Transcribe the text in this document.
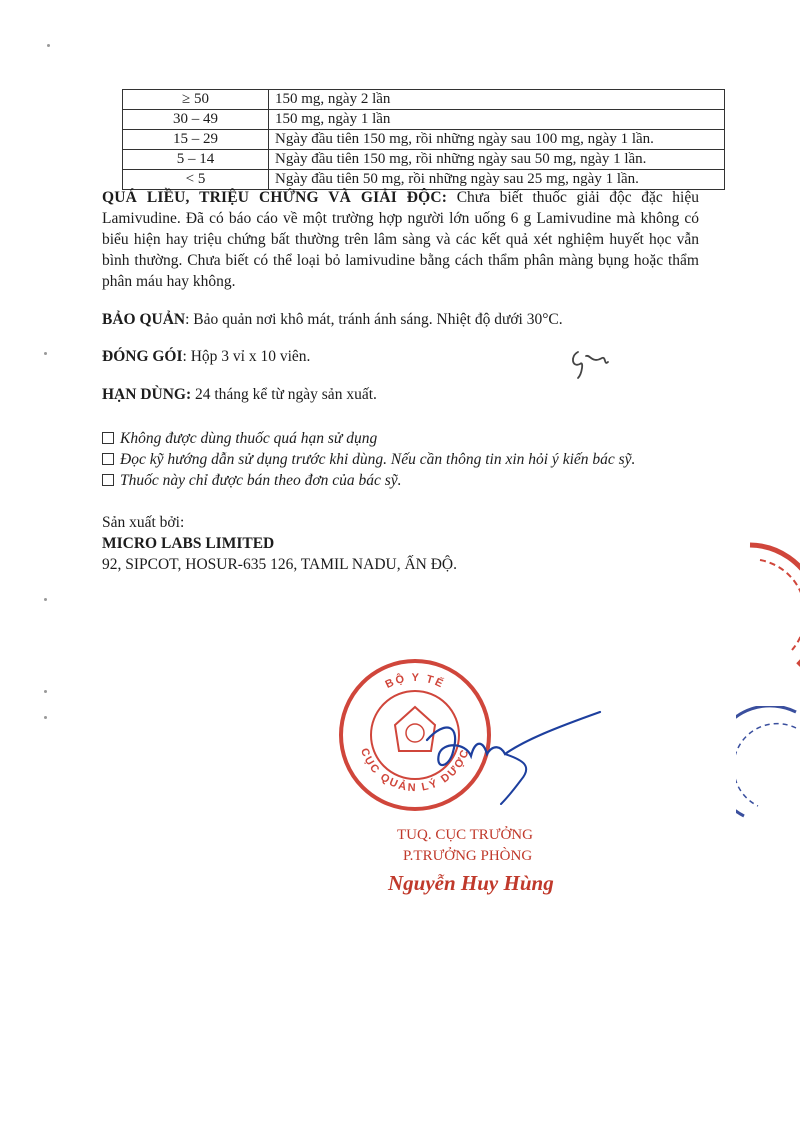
≥ 50	150 mg, ngày 2 lần
30 – 49	150 mg, ngày 1 lần
15 – 29	Ngày đầu tiên 150 mg, rồi những ngày sau 100 mg, ngày 1 lần.
5 – 14	Ngày đầu tiên 150 mg, rồi những ngày sau 50 mg, ngày 1 lần.
< 5	Ngày đầu tiên 50 mg, rồi những ngày sau 25 mg, ngày 1 lần.
QUÁ LIỀU, TRIỆU CHỨNG VÀ GIẢI ĐỘC: Chưa biết thuốc giải độc đặc hiệu Lamivudine. Đã có báo cáo về một trường hợp người lớn uống 6 g Lamivudine mà không có biểu hiện hay triệu chứng bất thường trên lâm sàng và các kết quả xét nghiệm huyết học vẫn bình thường. Chưa biết có thể loại bỏ lamivudine bằng cách thẩm phân màng bụng hoặc thẩm phân máu hay không.
BẢO QUẢN: Bảo quản nơi khô mát, tránh ánh sáng. Nhiệt độ dưới 30°C.
ĐÓNG GÓI: Hộp 3 vỉ x 10 viên.
HẠN DÙNG: 24 tháng kể từ ngày sản xuất.
Không được dùng thuốc quá hạn sử dụng
Đọc kỹ hướng dẫn sử dụng trước khi dùng. Nếu cần thông tin xin hỏi ý kiến bác sỹ.
Thuốc này chỉ được bán theo đơn của bác sỹ.
Sản xuất bởi:
MICRO LABS LIMITED
92, SIPCOT, HOSUR-635 126, TAMIL NADU, ẤN ĐỘ.
BỘ Y TẾ
CỤC QUẢN LÝ DƯỢC
TUQ. CỤC TRƯỞNG
P.TRƯỞNG PHÒNG
Nguyễn Huy Hùng
